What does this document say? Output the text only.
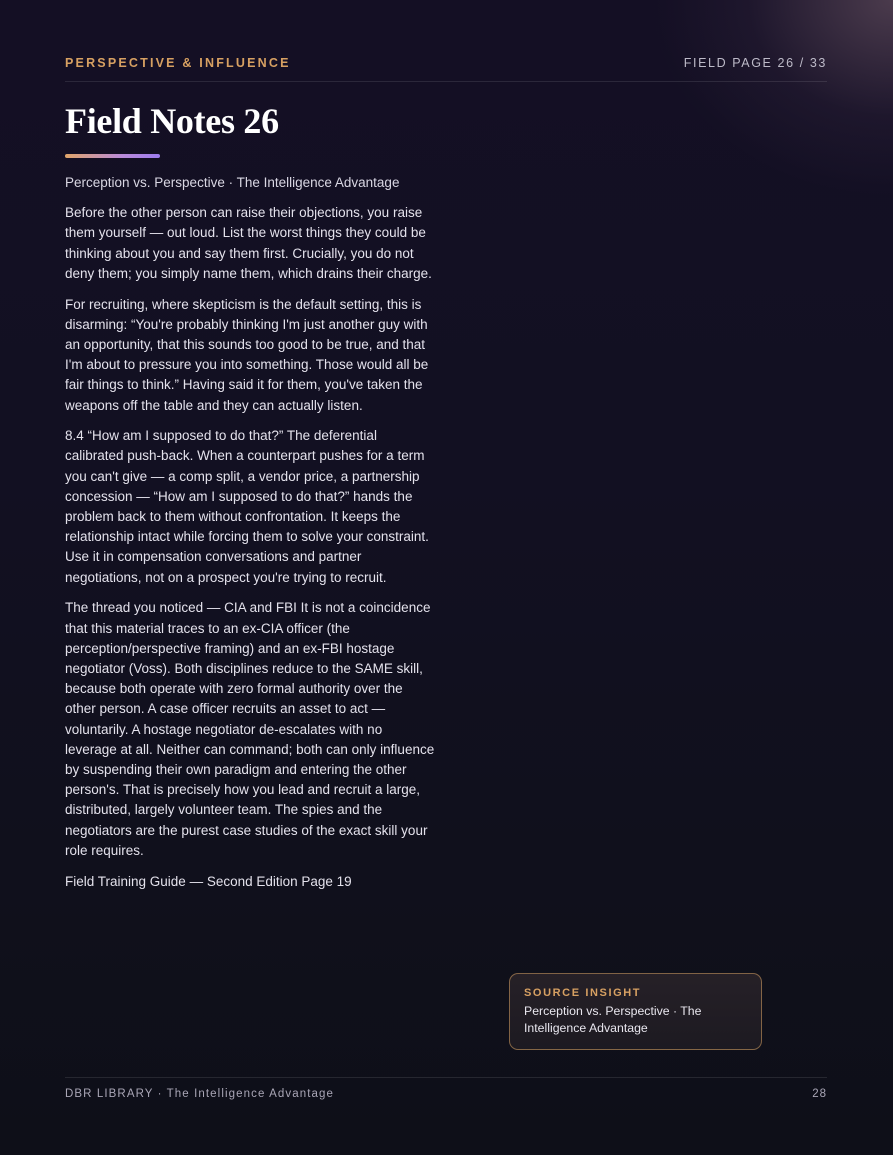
PERSPECTIVE & INFLUENCE	FIELD PAGE 26 / 33
Field Notes 26

Perception vs. Perspective · The Intelligence Advantage

Before the other person can raise their objections, you raise them yourself — out loud. List the worst things they could be thinking about you and say them first. Crucially, you do not deny them; you simply name them, which drains their charge.

For recruiting, where skepticism is the default setting, this is disarming: “You're probably thinking I'm just another guy with an opportunity, that this sounds too good to be true, and that I'm about to pressure you into something. Those would all be fair things to think.” Having said it for them, you've taken the weapons off the table and they can actually listen.

8.4 “How am I supposed to do that?” The deferential calibrated push-back. When a counterpart pushes for a term you can't give — a comp split, a vendor price, a partnership concession — “How am I supposed to do that?” hands the problem back to them without confrontation. It keeps the relationship intact while forcing them to solve your constraint. Use it in compensation conversations and partner negotiations, not on a prospect you're trying to recruit.

The thread you noticed — CIA and FBI It is not a coincidence that this material traces to an ex-CIA officer (the perception/perspective framing) and an ex-FBI hostage negotiator (Voss). Both disciplines reduce to the SAME skill, because both operate with zero formal authority over the other person. A case officer recruits an asset to act — voluntarily. A hostage negotiator de-escalates with no leverage at all. Neither can command; both can only influence by suspending their own paradigm and entering the other person's. That is precisely how you lead and recruit a large, distributed, largely volunteer team. The spies and the negotiators are the purest case studies of the exact skill your role requires.

Field Training Guide — Second Edition Page 19

SOURCE INSIGHT
Perception vs. Perspective · The Intelligence Advantage
DBR LIBRARY · The Intelligence Advantage	28
